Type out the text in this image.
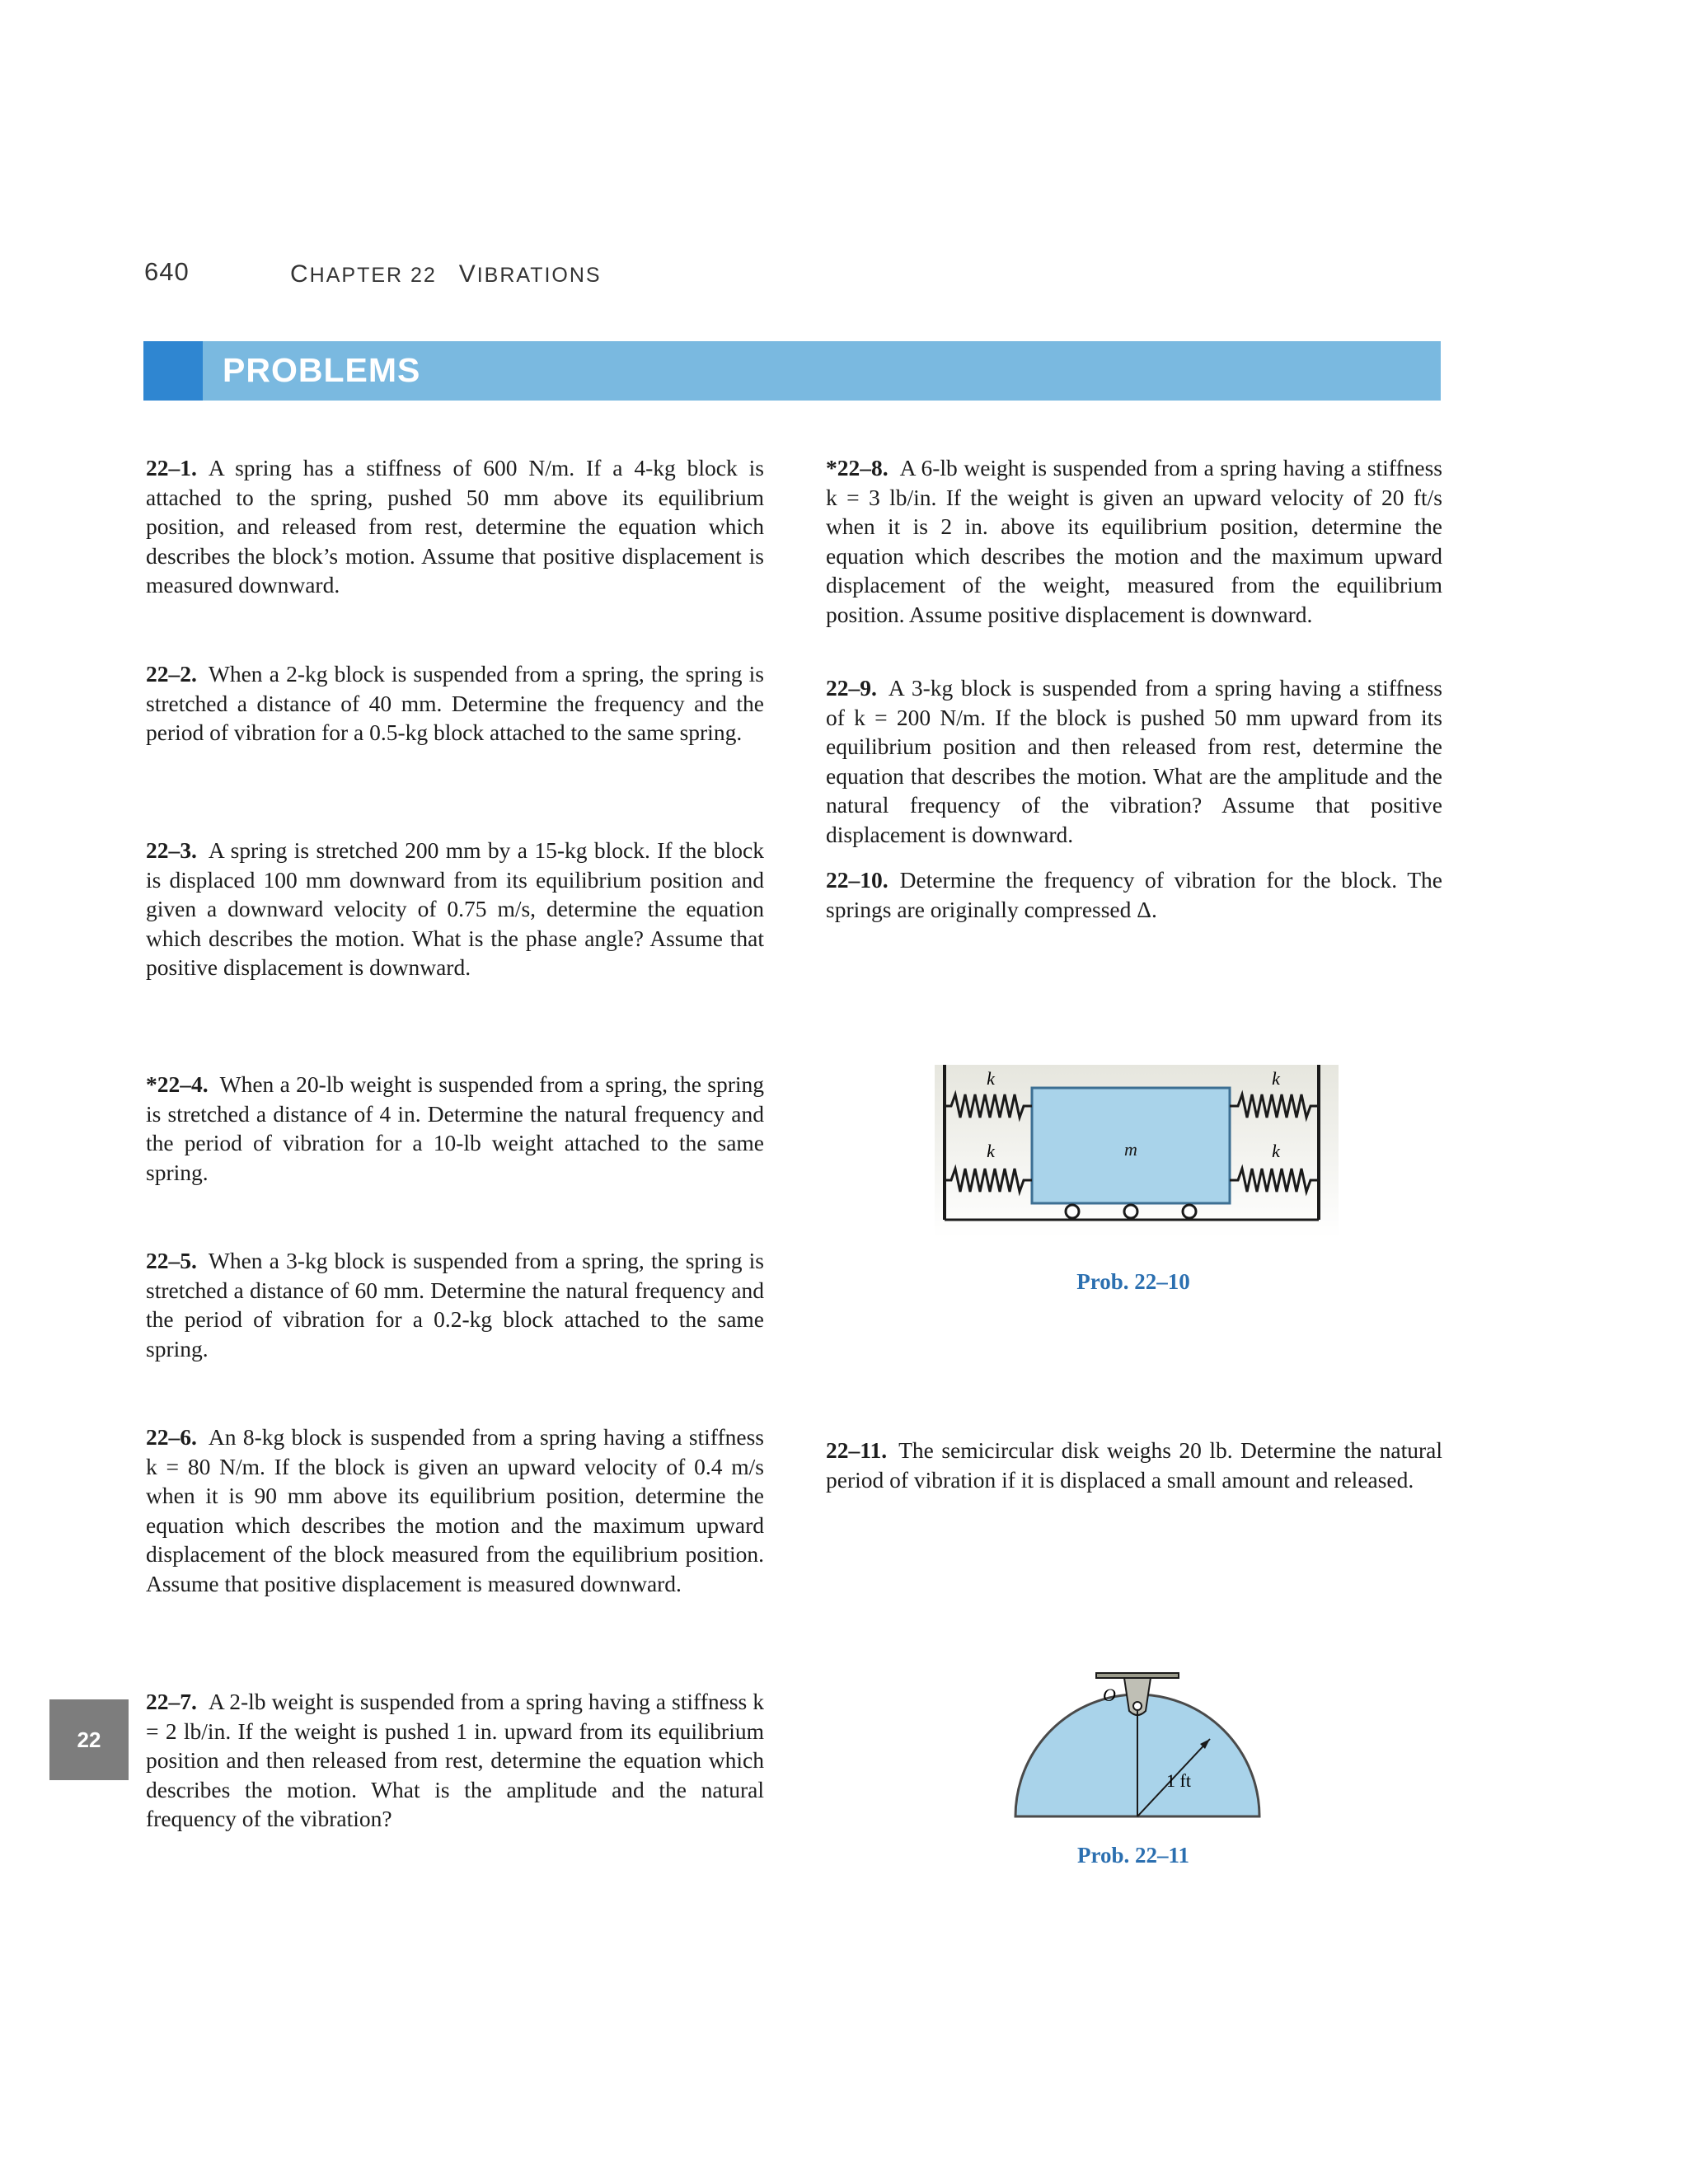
640	CHAPTER 22 VIBRATIONS
PROBLEMS
22–1. A spring has a stiffness of 600 N/m. If a 4-kg block is attached to the spring, pushed 50 mm above its equilibrium position, and released from rest, determine the equation which describes the block’s motion. Assume that positive displacement is measured downward.
22–2. When a 2-kg block is suspended from a spring, the spring is stretched a distance of 40 mm. Determine the frequency and the period of vibration for a 0.5-kg block attached to the same spring.
22–3. A spring is stretched 200 mm by a 15-kg block. If the block is displaced 100 mm downward from its equilibrium position and given a downward velocity of 0.75 m/s, determine the equation which describes the motion. What is the phase angle? Assume that positive displacement is downward.
*22–4. When a 20-lb weight is suspended from a spring, the spring is stretched a distance of 4 in. Determine the natural frequency and the period of vibration for a 10-lb weight attached to the same spring.
22–5. When a 3-kg block is suspended from a spring, the spring is stretched a distance of 60 mm. Determine the natural frequency and the period of vibration for a 0.2-kg block attached to the same spring.
22–6. An 8-kg block is suspended from a spring having a stiffness k = 80 N/m. If the block is given an upward velocity of 0.4 m/s when it is 90 mm above its equilibrium position, determine the equation which describes the motion and the maximum upward displacement of the block measured from the equilibrium position. Assume that positive displacement is measured downward.
22–7. A 2-lb weight is suspended from a spring having a stiffness k = 2 lb/in. If the weight is pushed 1 in. upward from its equilibrium position and then released from rest, determine the equation which describes the motion. What is the amplitude and the natural frequency of the vibration?
*22–8. A 6-lb weight is suspended from a spring having a stiffness k = 3 lb/in. If the weight is given an upward velocity of 20 ft/s when it is 2 in. above its equilibrium position, determine the equation which describes the motion and the maximum upward displacement of the weight, measured from the equilibrium position. Assume positive displacement is downward.
22–9. A 3-kg block is suspended from a spring having a stiffness of k = 200 N/m. If the block is pushed 50 mm upward from its equilibrium position and then released from rest, determine the equation that describes the motion. What are the amplitude and the natural frequency of the vibration? Assume that positive displacement is downward.
22–10. Determine the frequency of vibration for the block. The springs are originally compressed Δ.
22–11. The semicircular disk weighs 20 lb. Determine the natural period of vibration if it is displaced a small amount and released.
m
k
k
k
k
Prob. 22–10
O
1 ft
Prob. 22–11
22
